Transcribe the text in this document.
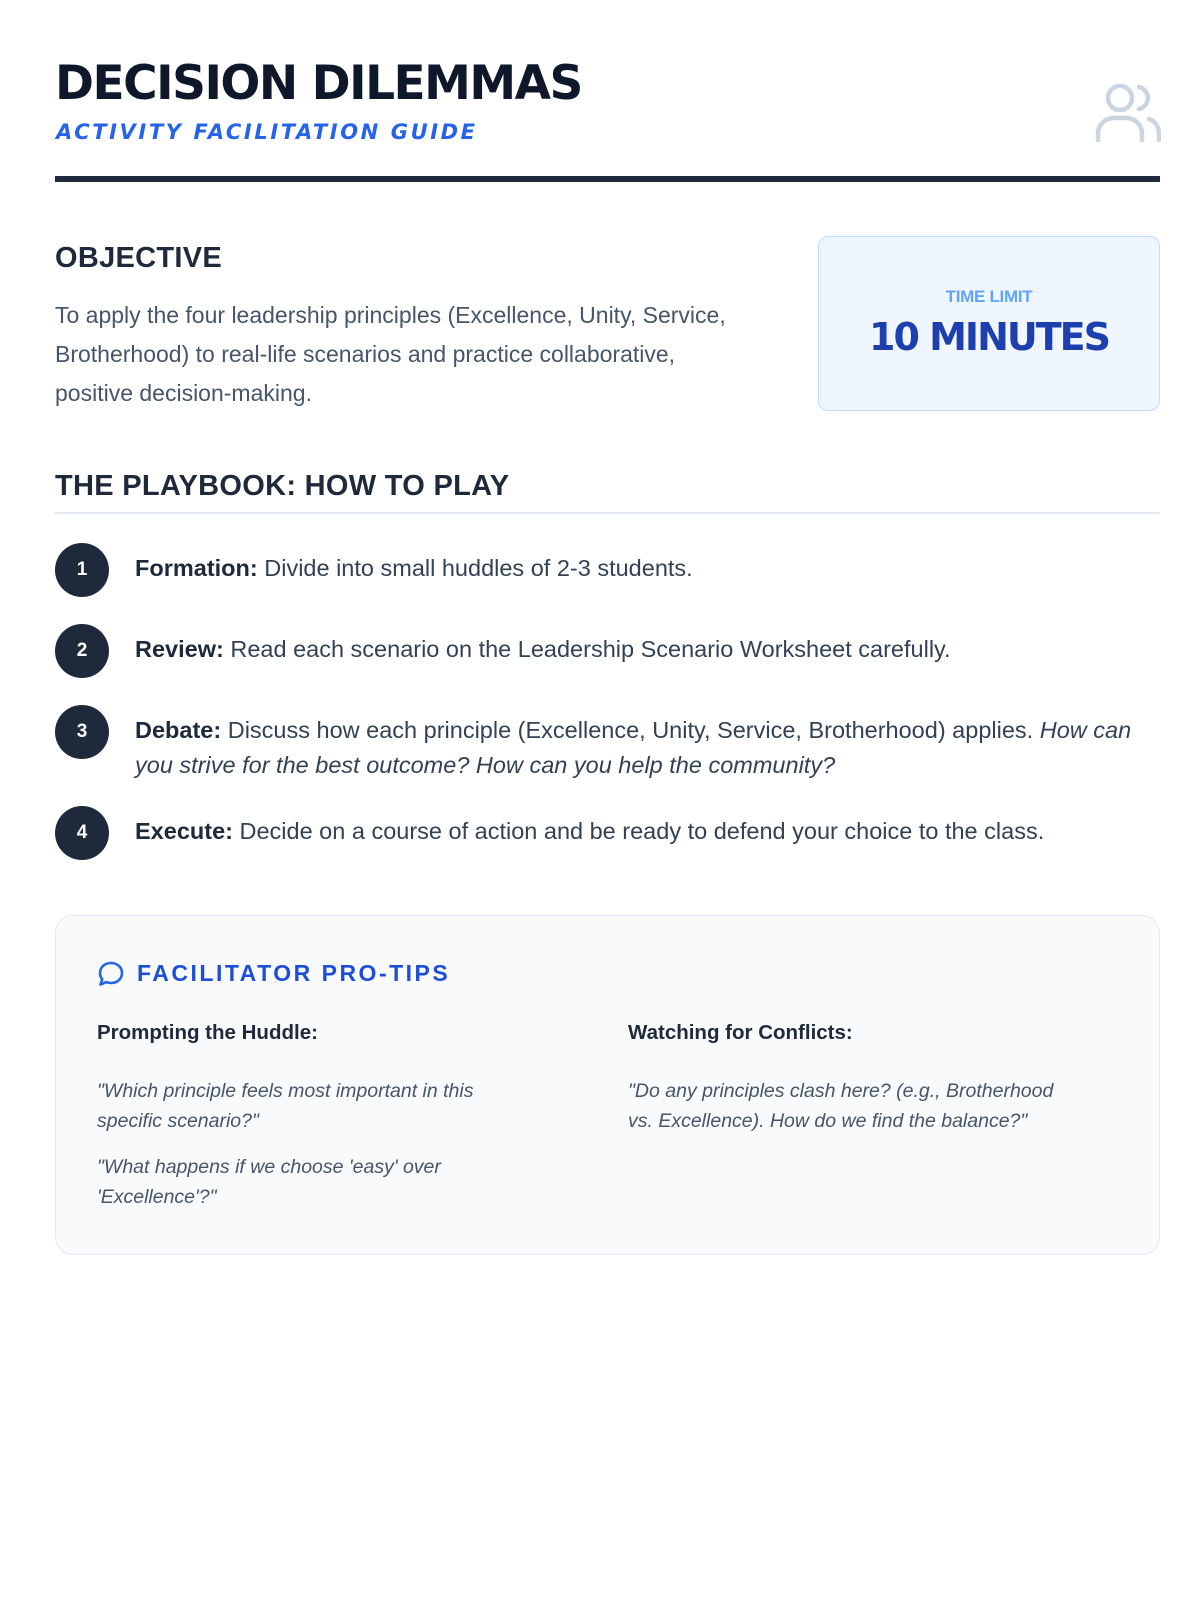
DECISION DILEMMAS
ACTIVITY FACILITATION GUIDE
OBJECTIVE
To apply the four leadership principles (Excellence, Unity, Service, Brotherhood) to real-life scenarios and practice collaborative, positive decision-making.
TIME LIMIT
10 MINUTES
THE PLAYBOOK: HOW TO PLAY
1	Formation: Divide into small huddles of 2-3 students.
2	Review: Read each scenario on the Leadership Scenario Worksheet carefully.
3	Debate: Discuss how each principle (Excellence, Unity, Service, Brotherhood) applies. How can you strive for the best outcome? How can you help the community?
4	Execute: Decide on a course of action and be ready to defend your choice to the class.
FACILITATOR PRO-TIPS
Prompting the Huddle:
"Which principle feels most important in this specific scenario?"
"What happens if we choose 'easy' over 'Excellence'?"
Watching for Conflicts:
"Do any principles clash here? (e.g., Brotherhood vs. Excellence). How do we find the balance?"
